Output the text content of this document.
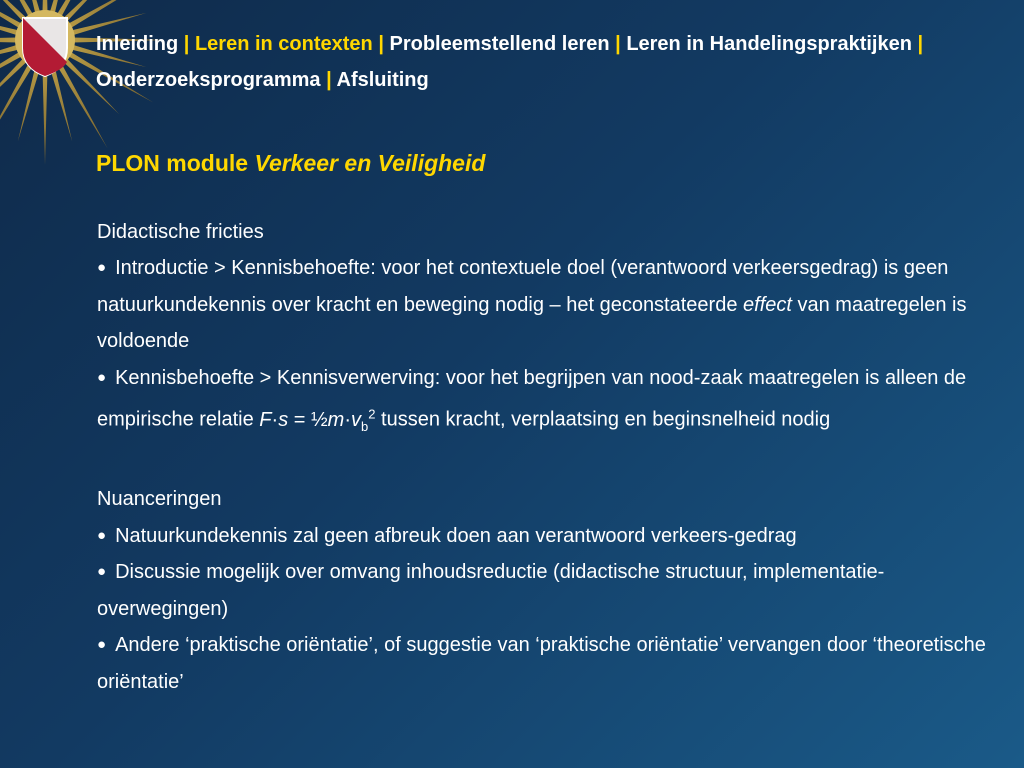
Inleiding | Leren in contexten | Probleemstellend leren | Leren in Handelingspraktijken | Onderzoeksprogramma | Afsluiting
PLON module Verkeer en Veiligheid

Didactische fricties

● Introductie > Kennisbehoefte: voor het contextuele doel (verantwoord verkeersgedrag) is geen natuurkundekennis over kracht en beweging nodig – het geconstateerde effect van maatregelen is voldoende

● Kennisbehoefte > Kennisverwerving: voor het begrijpen van nood-zaak maatregelen is alleen de empirische relatie $F\cdot s = \frac{1}{2}m\cdot v_b^2$ tussen kracht, verplaatsing en beginsnelheid nodig

Nuanceringen

● Natuurkundekennis zal geen afbreuk doen aan verantwoord verkeers-gedrag

● Discussie mogelijk over omvang inhoudsreductie (didactische structuur, implementatie-overwegingen)

● Andere ‘praktische oriëntatie’, of suggestie van ‘praktische oriëntatie’ vervangen door ‘theoretische oriëntatie’
